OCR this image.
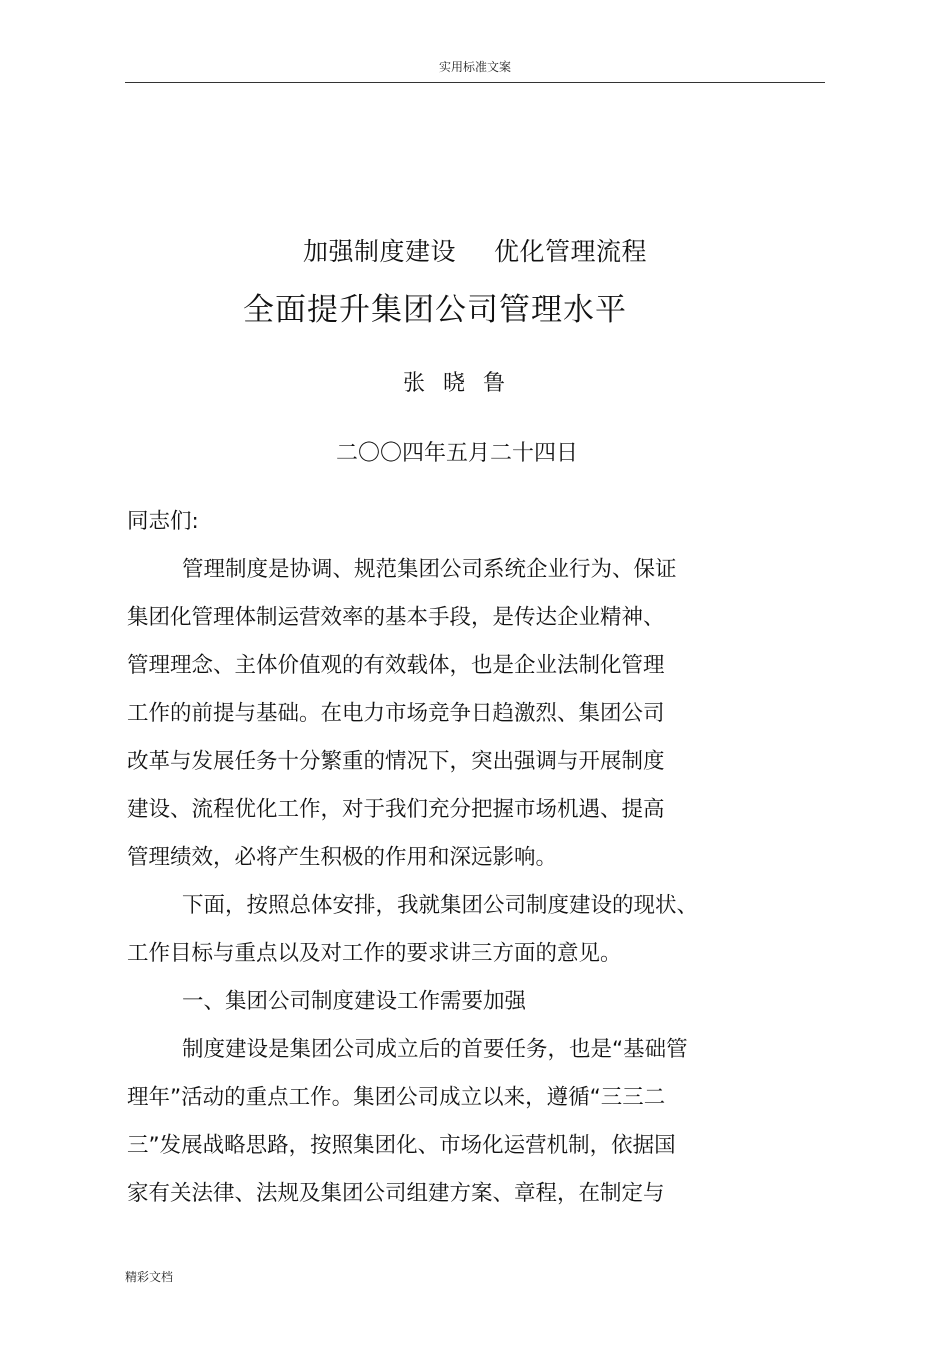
实用标准文案
加强制度建设 优化管理流程
全面提升集团公司管理水平
张晓鲁
二〇〇四年五月二十四日
同志们:
管理制度是协调、规范集团公司系统企业行为、保证
集团化管理体制运营效率的基本手段，是传达企业精神、
管理理念、主体价值观的有效载体，也是企业法制化管理
工作的前提与基础。在电力市场竞争日趋激烈、集团公司
改革与发展任务十分繁重的情况下，突出强调与开展制度
建设、流程优化工作，对于我们充分把握市场机遇、提高
管理绩效，必将产生积极的作用和深远影响。
下面，按照总体安排，我就集团公司制度建设的现状、
工作目标与重点以及对工作的要求讲三方面的意见。
一、集团公司制度建设工作需要加强
制度建设是集团公司成立后的首要任务，也是“基础管
理年”活动的重点工作。集团公司成立以来，遵循“三三二
三”发展战略思路，按照集团化、市场化运营机制，依据国
家有关法律、法规及集团公司组建方案、章程，在制定与
精彩文档
